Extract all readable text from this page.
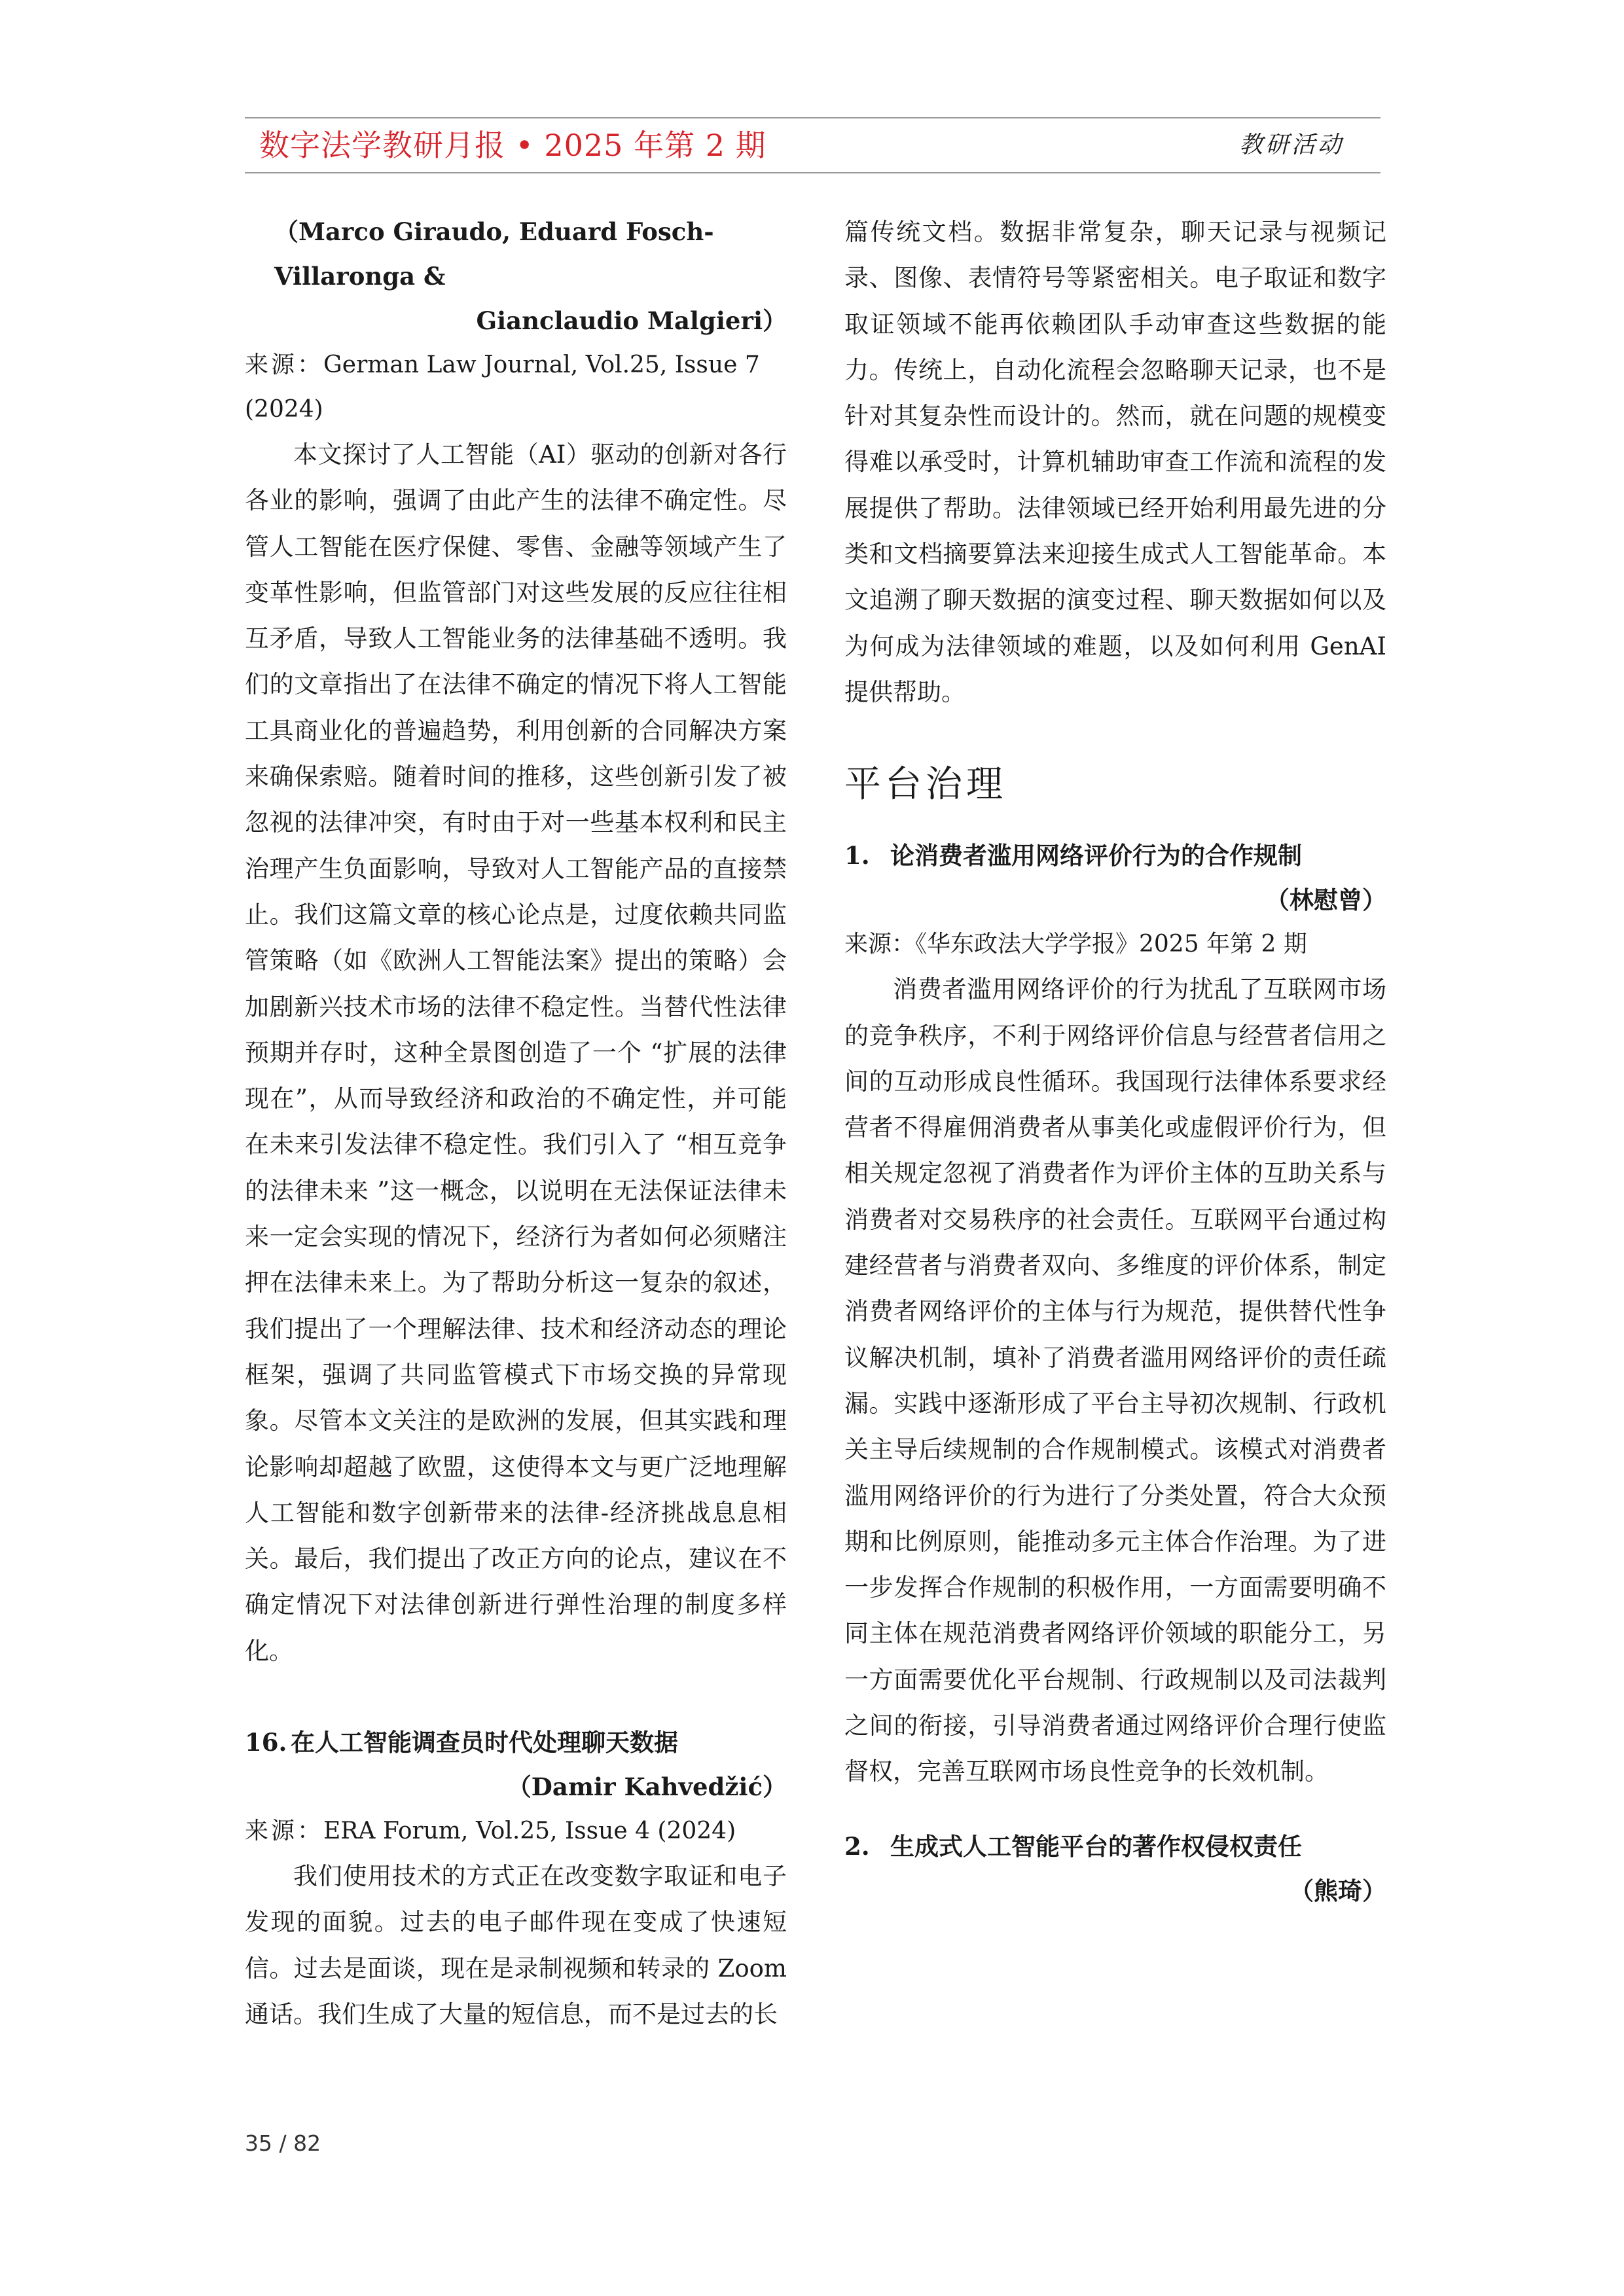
数字法学教研月报 • 2025 年第 2 期	教研活动
（Marco Giraudo, Eduard Fosch-Villaronga &
Gianclaudio Malgieri）
来源：German Law Journal, Vol.25, Issue 7 (2024)

本文探讨了人工智能（AI）驱动的创新对各行各业的影响，强调了由此产生的法律不确定性。尽管人工智能在医疗保健、零售、金融等领域产生了变革性影响，但监管部门对这些发展的反应往往相互矛盾，导致人工智能业务的法律基础不透明。我们的文章指出了在法律不确定的情况下将人工智能工具商业化的普遍趋势，利用创新的合同解决方案来确保索赔。随着时间的推移，这些创新引发了被忽视的法律冲突，有时由于对一些基本权利和民主治理产生负面影响，导致对人工智能产品的直接禁止。我们这篇文章的核心论点是，过度依赖共同监管策略（如《欧洲人工智能法案》提出的策略）会加剧新兴技术市场的法律不稳定性。当替代性法律预期并存时，这种全景图创造了一个 “扩展的法律现在”，从而导致经济和政治的不确定性，并可能在未来引发法律不稳定性。我们引入了 “相互竞争的法律未来 ”这一概念，以说明在无法保证法律未来一定会实现的情况下，经济行为者如何必须赌注押在法律未来上。为了帮助分析这一复杂的叙述，我们提出了一个理解法律、技术和经济动态的理论框架，强调了共同监管模式下市场交换的异常现象。尽管本文关注的是欧洲的发展，但其实践和理论影响却超越了欧盟，这使得本文与更广泛地理解人工智能和数字创新带来的法律-经济挑战息息相关。最后，我们提出了改正方向的论点，建议在不确定情况下对法律创新进行弹性治理的制度多样化。

16. 在人工智能调查员时代处理聊天数据
（Damir Kahvedžić）
来源：ERA Forum, Vol.25, Issue 4 (2024)

我们使用技术的方式正在改变数字取证和电子发现的面貌。过去的电子邮件现在变成了快速短信。过去是面谈，现在是录制视频和转录的 Zoom 通话。我们生成了大量的短信息，而不是过去的长

篇传统文档。数据非常复杂，聊天记录与视频记录、图像、表情符号等紧密相关。电子取证和数字取证领域不能再依赖团队手动审查这些数据的能力。传统上，自动化流程会忽略聊天记录，也不是针对其复杂性而设计的。然而，就在问题的规模变得难以承受时，计算机辅助审查工作流和流程的发展提供了帮助。法律领域已经开始利用最先进的分类和文档摘要算法来迎接生成式人工智能革命。本文追溯了聊天数据的演变过程、聊天数据如何以及为何成为法律领域的难题，以及如何利用 GenAI 提供帮助。

平台治理
1. 论消费者滥用网络评价行为的合作规制
（林慰曾）
来源：《华东政法大学学报》2025 年第 2 期

消费者滥用网络评价的行为扰乱了互联网市场的竞争秩序，不利于网络评价信息与经营者信用之间的互动形成良性循环。我国现行法律体系要求经营者不得雇佣消费者从事美化或虚假评价行为，但相关规定忽视了消费者作为评价主体的互助关系与消费者对交易秩序的社会责任。互联网平台通过构建经营者与消费者双向、多维度的评价体系，制定消费者网络评价的主体与行为规范，提供替代性争议解决机制，填补了消费者滥用网络评价的责任疏漏。实践中逐渐形成了平台主导初次规制、行政机关主导后续规制的合作规制模式。该模式对消费者滥用网络评价的行为进行了分类处置，符合大众预期和比例原则，能推动多元主体合作治理。为了进一步发挥合作规制的积极作用，一方面需要明确不同主体在规范消费者网络评价领域的职能分工，另一方面需要优化平台规制、行政规制以及司法裁判之间的衔接，引导消费者通过网络评价合理行使监督权，完善互联网市场良性竞争的长效机制。

2. 生成式人工智能平台的著作权侵权责任
（熊琦）
35 / 82
